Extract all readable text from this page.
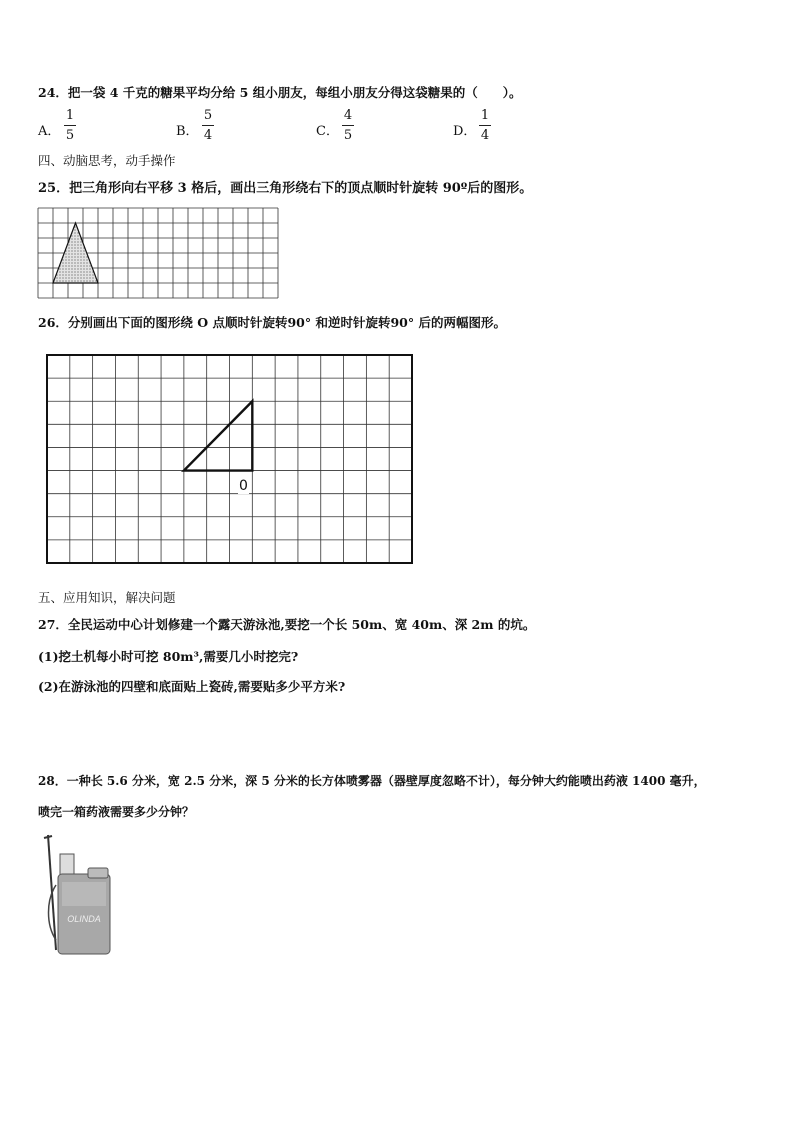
24．把一袋 4 千克的糖果平均分给 5 组小朋友，每组小朋友分得这袋糖果的（　　）。
A．
1
5	B．
5
4	C．
4
5	D．
1
4
四、动脑思考，动手操作
25．把三角形向右平移 3 格后，画出三角形绕右下的顶点顺时针旋转 90º后的图形。
26．分别画出下面的图形绕 O 点顺时针旋转90° 和逆时针旋转90° 后的两幅图形。
0
五、应用知识，解决问题
27．全民运动中心计划修建一个露天游泳池,要挖一个长 50m、宽 40m、深 2m 的坑。
(1)挖土机每小时可挖 80m³,需要几小时挖完?
(2)在游泳池的四壁和底面贴上瓷砖,需要贴多少平方米?
28．一种长 5.6 分米，宽 2.5 分米，深 5 分米的长方体喷雾器（器壁厚度忽略不计），每分钟大约能喷出药液 1400 毫升，
喷完一箱药液需要多少分钟？
OLINDA
